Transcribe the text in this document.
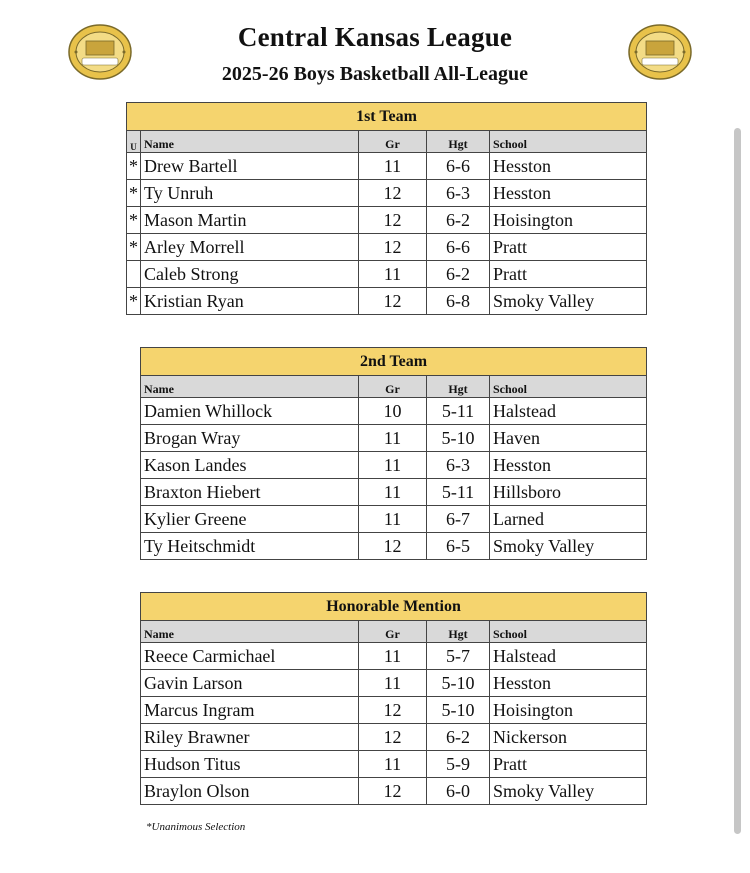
Central Kansas League
2025-26 Boys Basketball All-League
1st Team				
U	Name	Gr	Hgt	School
*	Drew Bartell	11	6-6	Hesston
*	Ty Unruh	12	6-3	Hesston
*	Mason Martin	12	6-2	Hoisington
*	Arley Morrell	12	6-6	Pratt
	Caleb Strong	11	6-2	Pratt
*	Kristian Ryan	12	6-8	Smoky Valley
2nd Team			
Name	Gr	Hgt	School
Damien Whillock	10	5-11	Halstead
Brogan Wray	11	5-10	Haven
Kason Landes	11	6-3	Hesston
Braxton Hiebert	11	5-11	Hillsboro
Kylier Greene	11	6-7	Larned
Ty Heitschmidt	12	6-5	Smoky Valley
Honorable Mention			
Name	Gr	Hgt	School
Reece Carmichael	11	5-7	Halstead
Gavin Larson	11	5-10	Hesston
Marcus Ingram	12	5-10	Hoisington
Riley Brawner	12	6-2	Nickerson
Hudson Titus	11	5-9	Pratt
Braylon Olson	12	6-0	Smoky Valley
*Unanimous Selection
